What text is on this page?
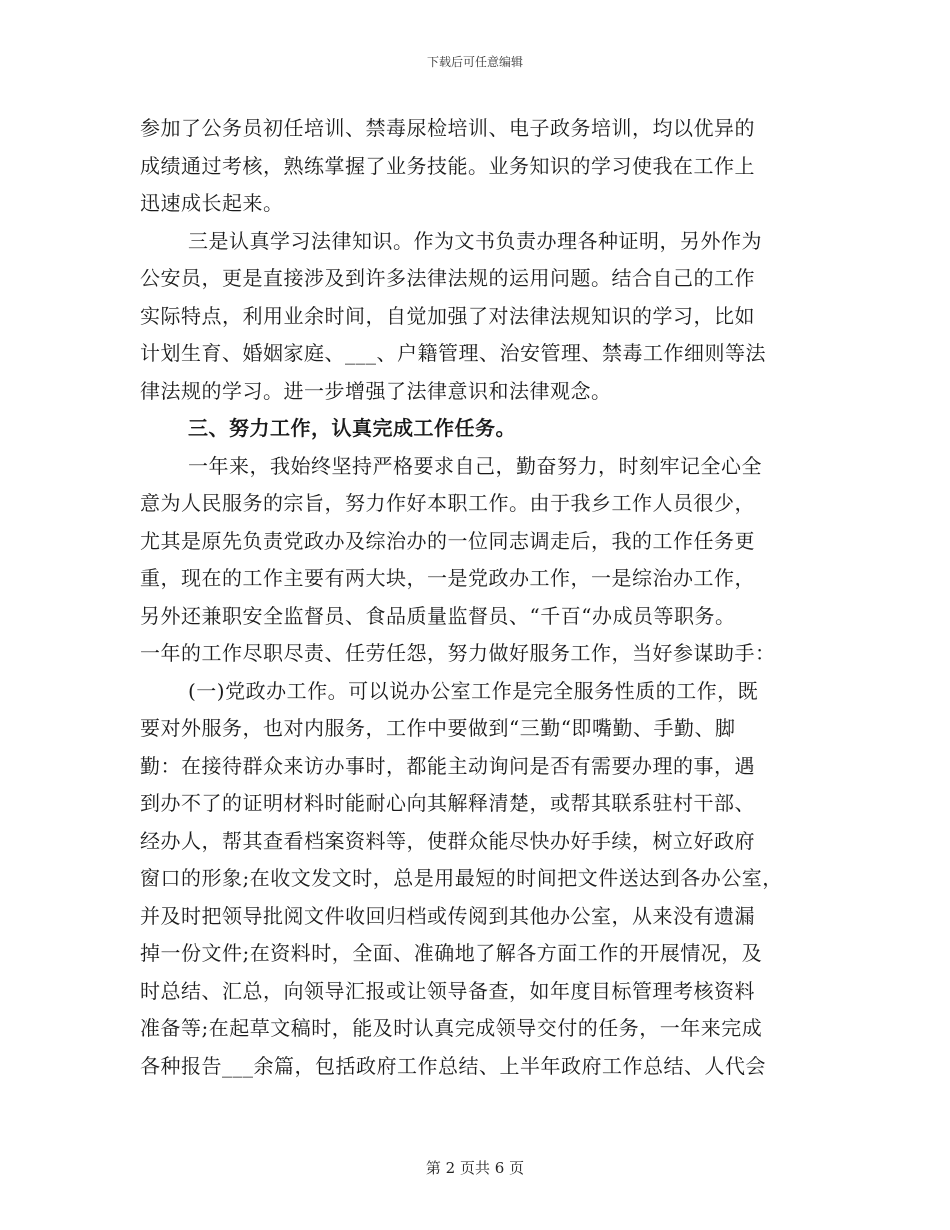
下载后可任意编辑
参加了公务员初任培训、禁毒尿检培训、电子政务培训，均以优异的
成绩通过考核，熟练掌握了业务技能。业务知识的学习使我在工作上
迅速成长起来。
三是认真学习法律知识。作为文书负责办理各种证明，另外作为
公安员，更是直接涉及到许多法律法规的运用问题。结合自己的工作
实际特点，利用业余时间，自觉加强了对法律法规知识的学习，比如
计划生育、婚姻家庭、___、户籍管理、治安管理、禁毒工作细则等法
律法规的学习。进一步增强了法律意识和法律观念。
三、努力工作，认真完成工作任务。
一年来，我始终坚持严格要求自己，勤奋努力，时刻牢记全心全
意为人民服务的宗旨，努力作好本职工作。由于我乡工作人员很少，
尤其是原先负责党政办及综治办的一位同志调走后，我的工作任务更
重，现在的工作主要有两大块，一是党政办工作，一是综治办工作，
另外还兼职安全监督员、食品质量监督员、“千百“办成员等职务。
一年的工作尽职尽责、任劳任怨，努力做好服务工作，当好参谋助手：
(一)党政办工作。可以说办公室工作是完全服务性质的工作，既
要对外服务，也对内服务，工作中要做到“三勤“即嘴勤、手勤、脚
勤：在接待群众来访办事时，都能主动询问是否有需要办理的事，遇
到办不了的证明材料时能耐心向其解释清楚，或帮其联系驻村干部、
经办人，帮其查看档案资料等，使群众能尽快办好手续，树立好政府
窗口的形象;在收文发文时，总是用最短的时间把文件送达到各办公室，
并及时把领导批阅文件收回归档或传阅到其他办公室，从来没有遗漏
掉一份文件;在资料时，全面、准确地了解各方面工作的开展情况，及
时总结、汇总，向领导汇报或让领导备查，如年度目标管理考核资料
准备等;在起草文稿时，能及时认真完成领导交付的任务，一年来完成
各种报告___余篇，包括政府工作总结、上半年政府工作总结、人代会
第 2 页共 6 页
